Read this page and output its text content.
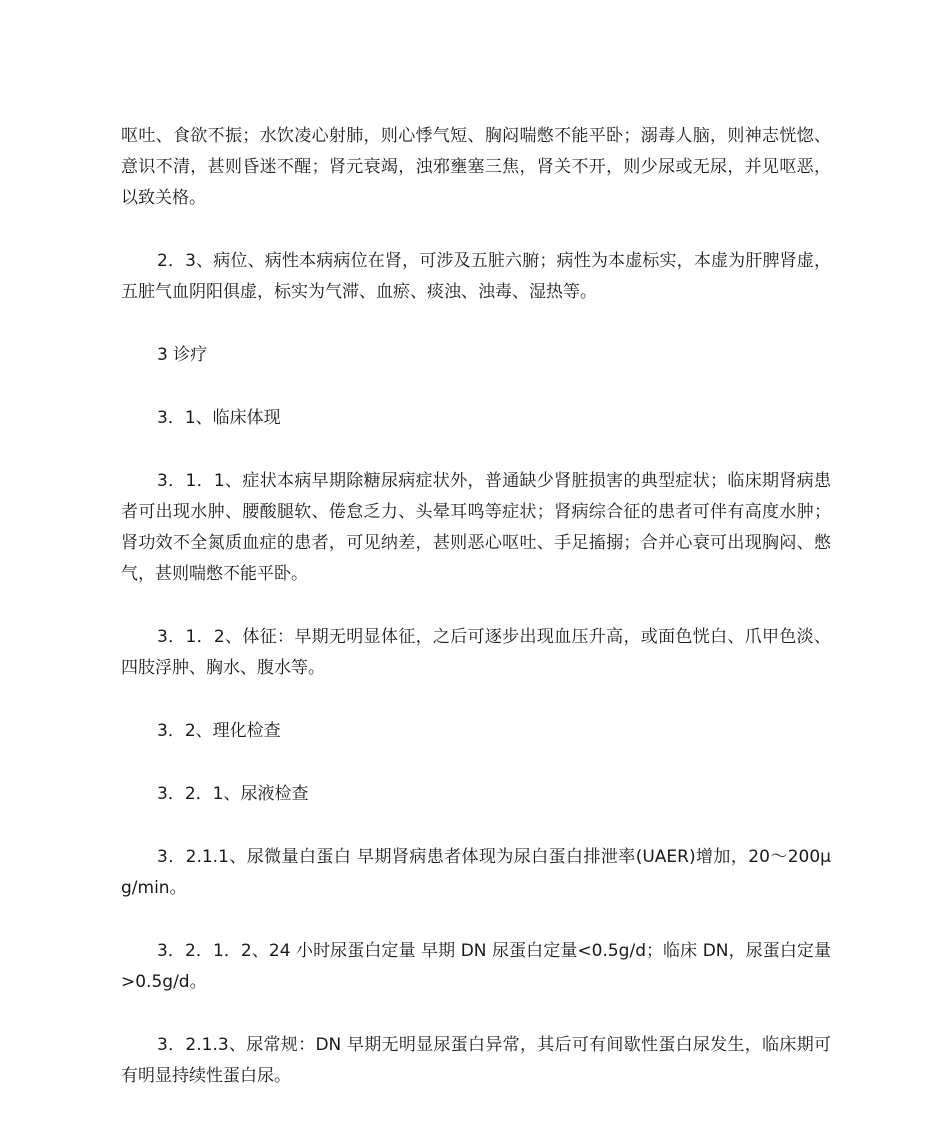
呕吐、食欲不振；水饮凌心射肺，则心悸气短、胸闷喘憋不能平卧；溺毒人脑，则神志恍惚、意识不清，甚则昏迷不醒；肾元衰竭，浊邪壅塞三焦，肾关不开，则少尿或无尿，并见呕恶，以致关格。

2．3、病位、病性本病病位在肾，可涉及五脏六腑；病性为本虚标实，本虚为肝脾肾虚，五脏气血阴阳俱虚，标实为气滞、血瘀、痰浊、浊毒、湿热等。

3 诊疗

3．1、临床体现

3．1．1、症状本病早期除糖尿病症状外，普通缺少肾脏损害的典型症状；临床期肾病患者可出现水肿、腰酸腿软、倦怠乏力、头晕耳鸣等症状；肾病综合征的患者可伴有高度水肿；肾功效不全氮质血症的患者，可见纳差，甚则恶心呕吐、手足搐搦；合并心衰可出现胸闷、憋气，甚则喘憋不能平卧。

3．1．2、体征：早期无明显体征，之后可逐步出现血压升高，或面色恍白、爪甲色淡、四肢浮肿、胸水、腹水等。

3．2、理化检查

3．2．1、尿液检查

3．2.1.1、尿微量白蛋白 早期肾病患者体现为尿白蛋白排泄率(UAER)增加，20～200μg/min。

3．2．1．2、24 小时尿蛋白定量 早期 DN 尿蛋白定量<0.5g/d；临床 DN，尿蛋白定量>0.5g/d。

3．2.1.3、尿常规：DN 早期无明显尿蛋白异常，其后可有间歇性蛋白尿发生，临床期可有明显持续性蛋白尿。
